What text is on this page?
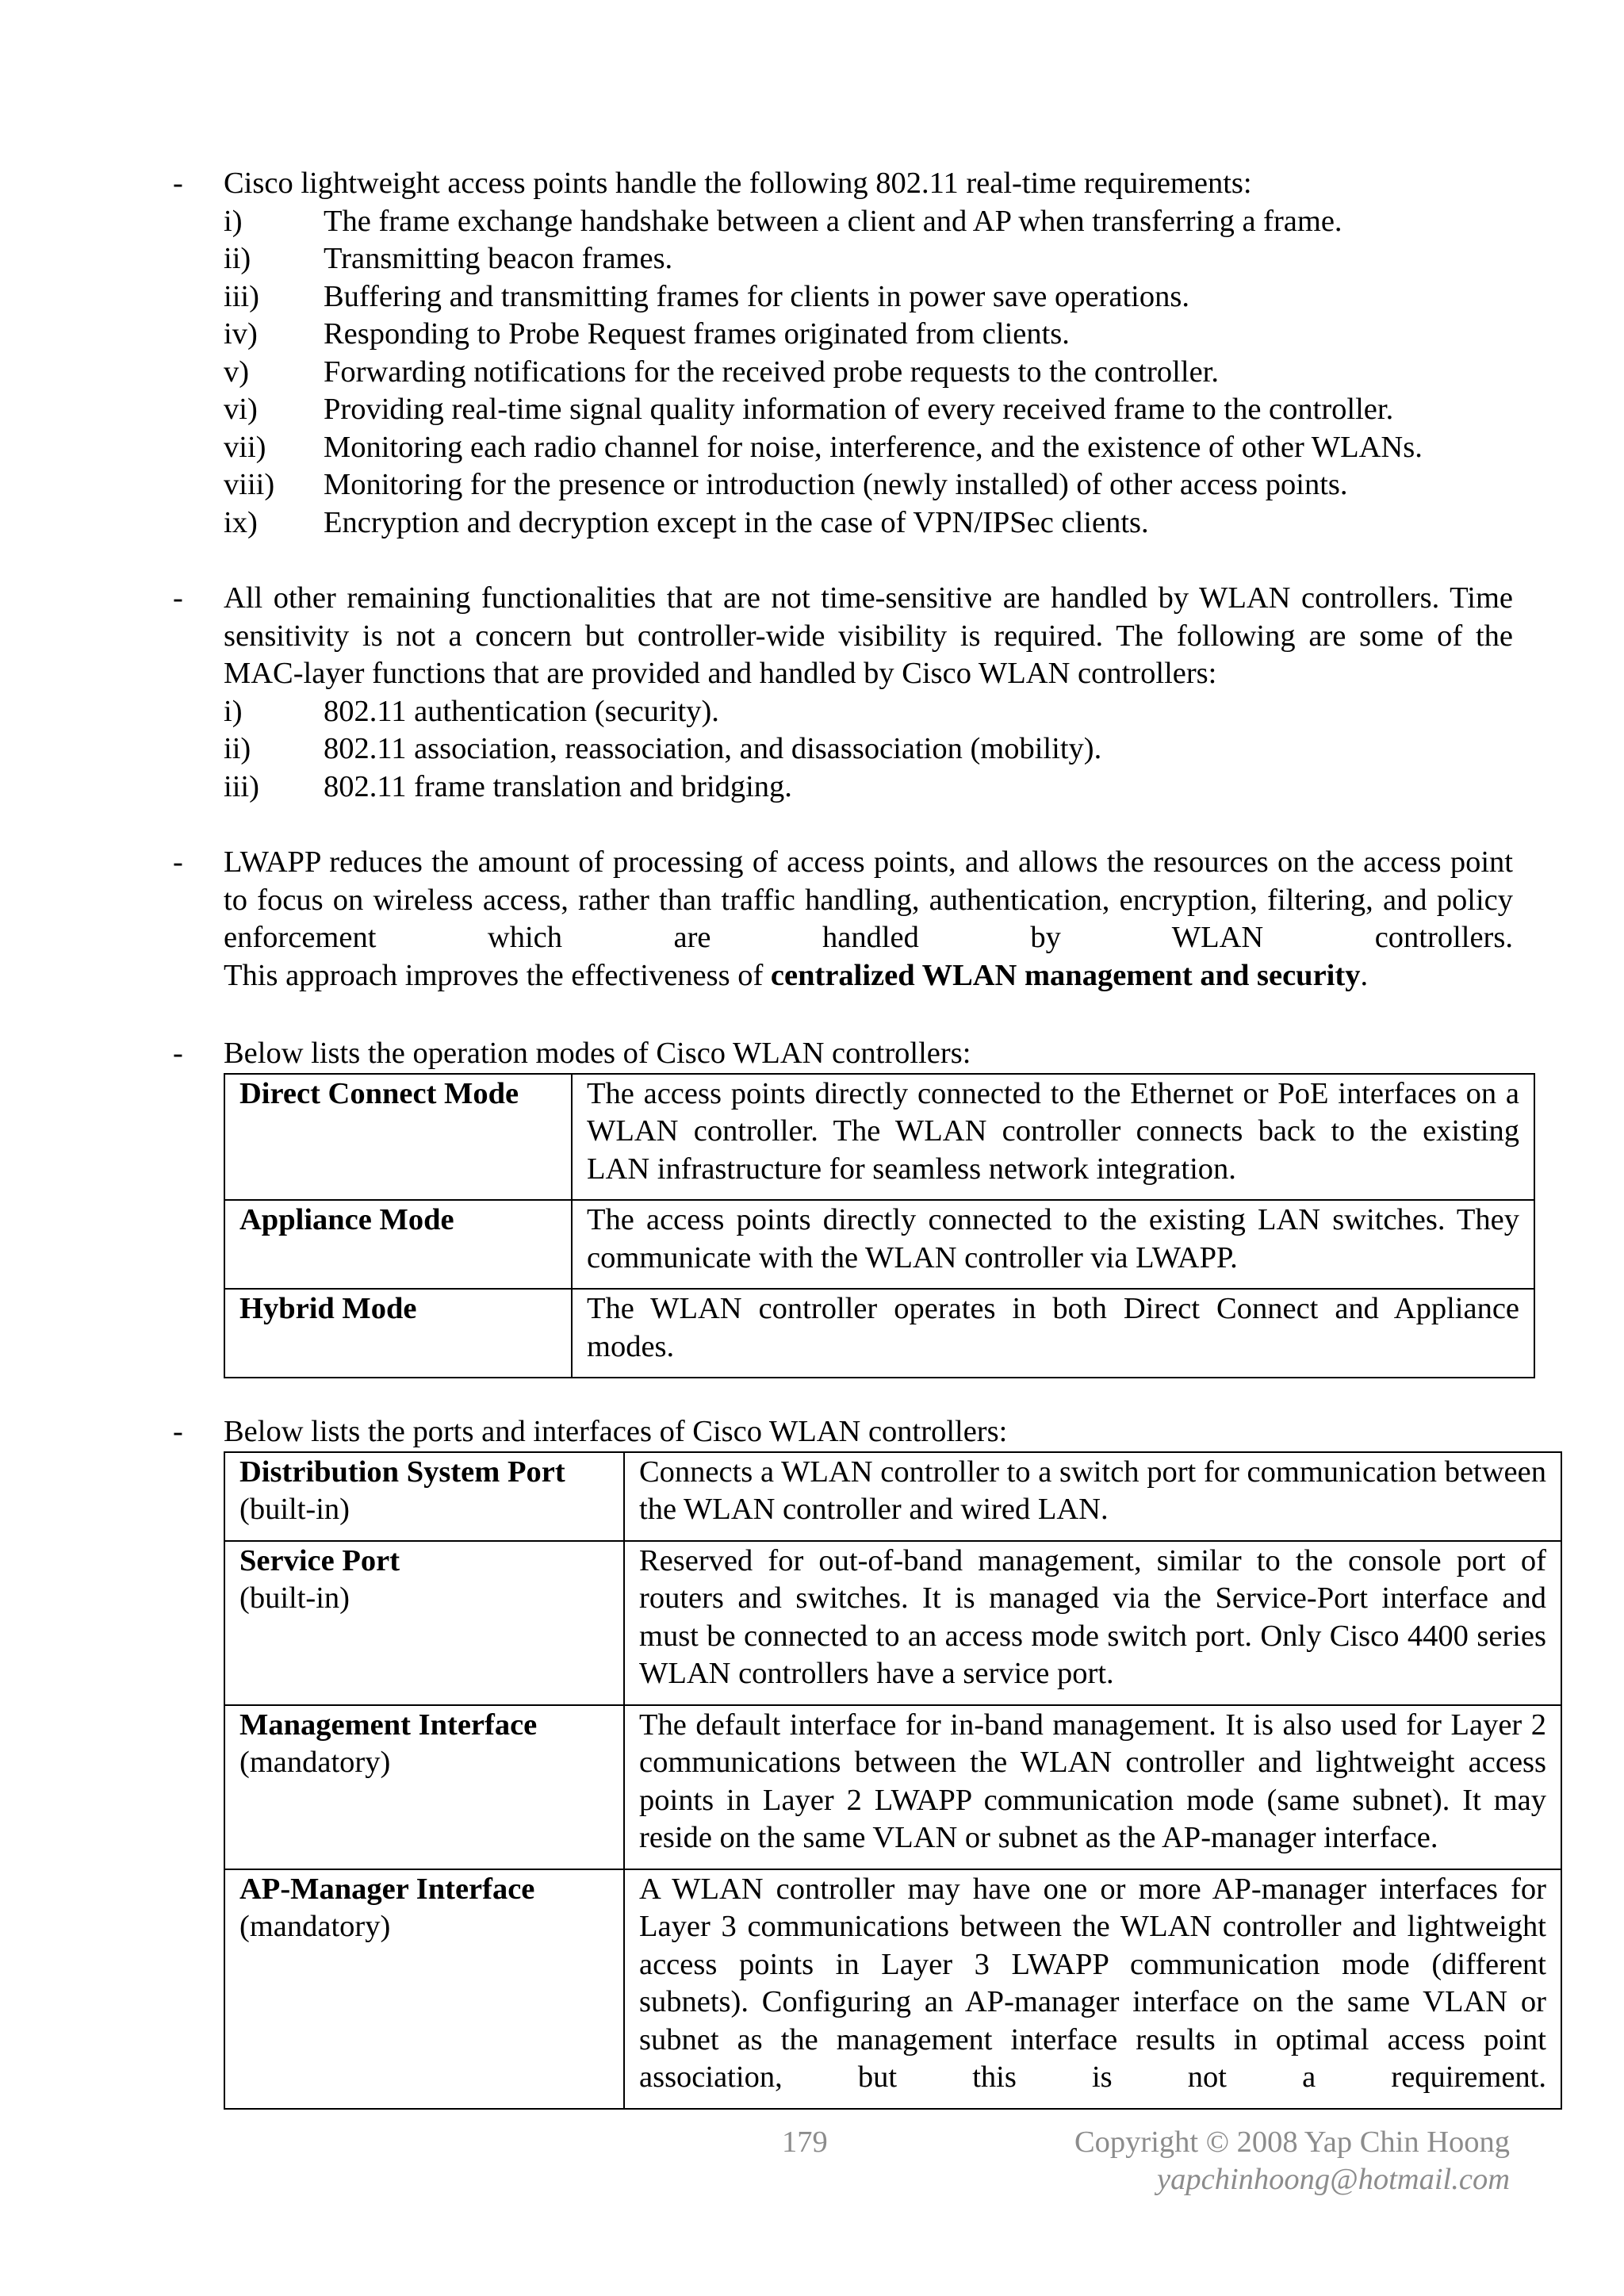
-	Cisco lightweight access points handle the following 802.11 real-time requirements:
i)	The frame exchange handshake between a client and AP when transferring a frame.
ii)	Transmitting beacon frames.
iii)	Buffering and transmitting frames for clients in power save operations.
iv)	Responding to Probe Request frames originated from clients.
v)	Forwarding notifications for the received probe requests to the controller.
vi)	Providing real-time signal quality information of every received frame to the controller.
vii)	Monitoring each radio channel for noise, interference, and the existence of other WLANs.
viii)	Monitoring for the presence or introduction (newly installed) of other access points.
ix)	Encryption and decryption except in the case of VPN/IPSec clients.
-	All other remaining functionalities that are not time-sensitive are handled by WLAN controllers. Time sensitivity is not a concern but controller-wide visibility is required. The following are some of the MAC-layer functions that are provided and handled by Cisco WLAN controllers:
i)	802.11 authentication (security).
ii)	802.11 association, reassociation, and disassociation (mobility).
iii)	802.11 frame translation and bridging.
-	LWAPP reduces the amount of processing of access points, and allows the resources on the access point to focus on wireless access, rather than traffic handling, authentication, encryption, filtering, and policy enforcement which are handled by WLAN controllers.
This approach improves the effectiveness of centralized WLAN management and security.
-	Below lists the operation modes of Cisco WLAN controllers:
Direct Connect Mode	The access points directly connected to the Ethernet or PoE interfaces on a WLAN controller. The WLAN controller connects back to the existing LAN infrastructure for seamless network integration.
Appliance Mode	The access points directly connected to the existing LAN switches. They communicate with the WLAN controller via LWAPP.
Hybrid Mode	The WLAN controller operates in both Direct Connect and Appliance modes.
-	Below lists the ports and interfaces of Cisco WLAN controllers:
Distribution System Port
(built-in)	Connects a WLAN controller to a switch port for communication between the WLAN controller and wired LAN.
Service Port
(built-in)	Reserved for out-of-band management, similar to the console port of routers and switches. It is managed via the Service-Port interface and must be connected to an access mode switch port. Only Cisco 4400 series WLAN controllers have a service port.
Management Interface
(mandatory)	The default interface for in-band management. It is also used for Layer 2 communications between the WLAN controller and lightweight access points in Layer 2 LWAPP communication mode (same subnet). It may reside on the same VLAN or subnet as the AP-manager interface.
AP-Manager Interface
(mandatory)	A WLAN controller may have one or more AP-manager interfaces for Layer 3 communications between the WLAN controller and lightweight access points in Layer 3 LWAPP communication mode (different subnets). Configuring an AP-manager interface on the same VLAN or subnet as the management interface results in optimal access point association, but this is not a requirement.
179	Copyright © 2008 Yap Chin Hoong
yapchinhoong@hotmail.com
